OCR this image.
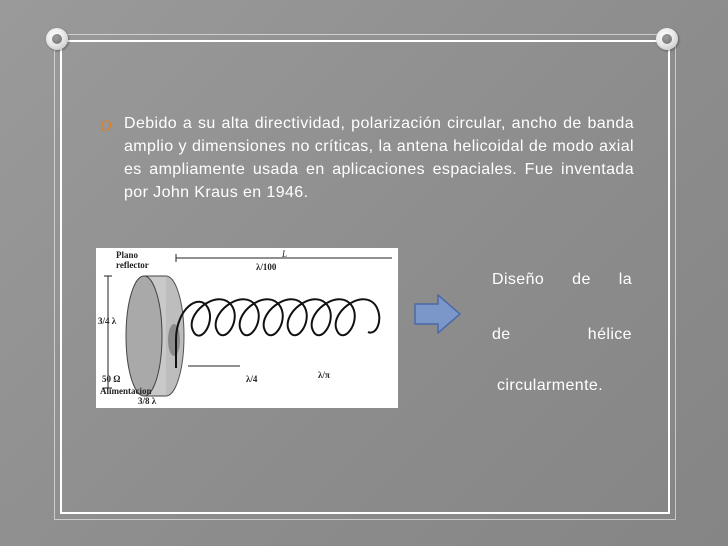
O Debido a su alta directividad, polarización circular, ancho de banda amplio y dimensiones no críticas, la antena helicoidal de modo axial es ampliamente usada en aplicaciones espaciales. Fue inventada por John Kraus en 1946.
Plano
reflector	λ/100
L
3/4 λ
50 Ω
Alimentacion
3/8 λ
λ/4	λ/π
Diseño de la
de	hélice
circularmente.
